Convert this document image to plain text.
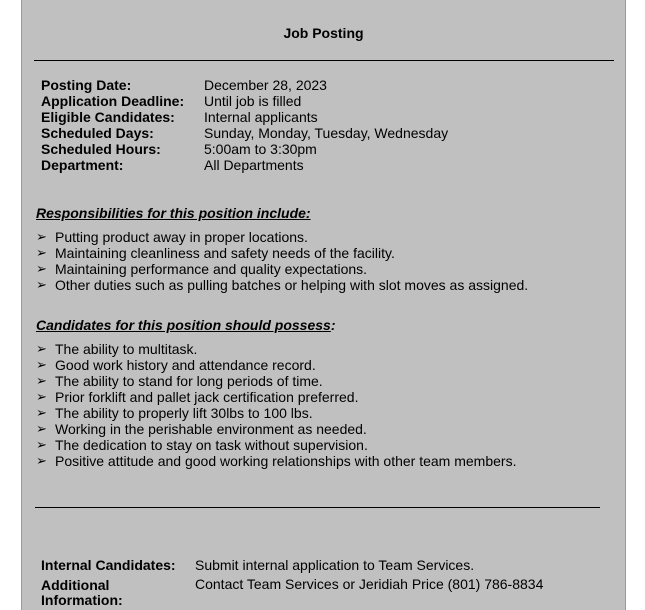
Job Posting
Posting Date:	December 28, 2023
Application Deadline: Until job is filled
Eligible Candidates: Internal applicants
Scheduled Days:	Sunday, Monday, Tuesday, Wednesday
Scheduled Hours:	5:00am to 3:30pm
Department:	All Departments
Responsibilities for this position include:
➢ Putting product away in proper locations.
➢ Maintaining cleanliness and safety needs of the facility.
➢ Maintaining performance and quality expectations.
➢ Other duties such as pulling batches or helping with slot moves as assigned.
Candidates for this position should possess:
➢ The ability to multitask.
➢ Good work history and attendance record.
➢ The ability to stand for long periods of time.
➢ Prior forklift and pallet jack certification preferred.
➢ The ability to properly lift 30lbs to 100 lbs.
➢ Working in the perishable environment as needed.
➢ The dedication to stay on task without supervision.
➢ Positive attitude and good working relationships with other team members.
Internal Candidates: Submit internal application to Team Services.
Additional Information:
Contact Team Services or Jeridiah Price (801) 786-8834
